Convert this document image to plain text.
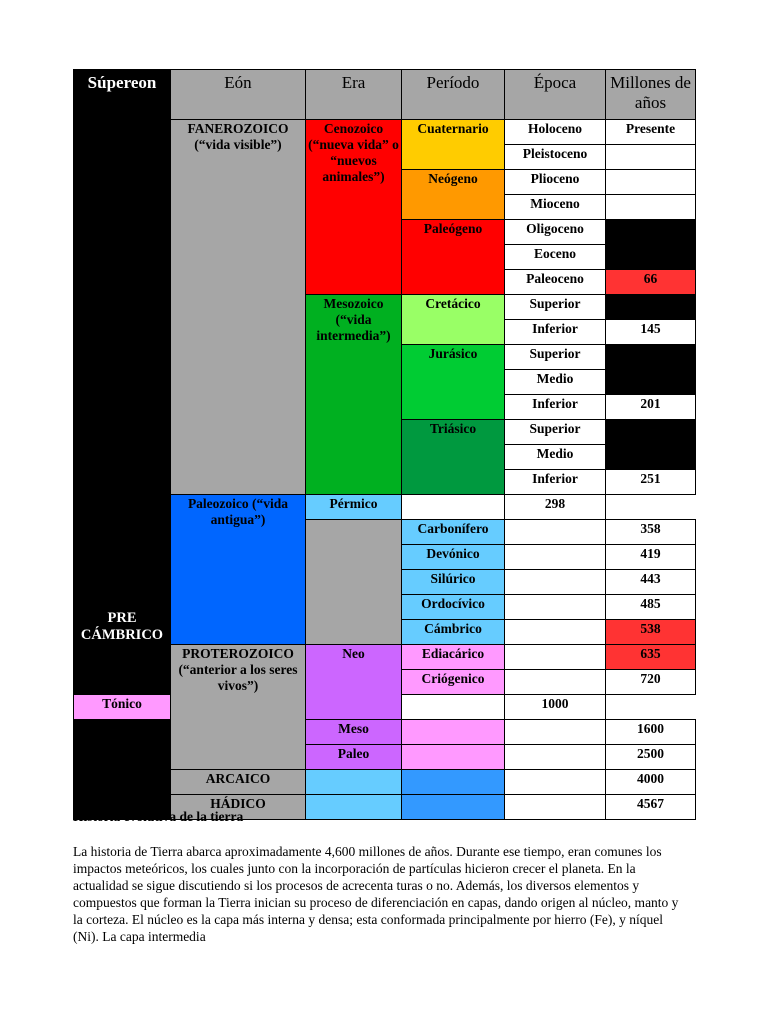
Súpereon	Eón	Era	Período	Época	Millones de años

PRE CÁMBRICO	FANEROZOICO (“vida visible”)	Cenozoico (“nueva vida” o “nuevos animales”)	Cuaternario	Holoceno	Presente
				Pleistoceno	
			Neógeno	Plioceno	
				Mioceno	
			Paleógeno	Oligoceno	
				Eoceno	
				Paleoceno	66
		Mesozoico (“vida intermedia”)	Cretácico	Superior	
				Inferior	145
			Jurásico	Superior	
				Medio	
				Inferior	201
			Triásico	Superior	
				Medio	
				Inferior	251
	Paleozoico (“vida antigua”)	Pérmico		298	
			Carbonífero		358
			Devónico		419
			Silúrico		443
			Ordocívico		485
			Cámbrico		538
	PROTEROZOICO (“anterior a los seres vivos”)	Neo	Ediacárico		635
			Criógenico		720
Tónico				1000	
		Meso			1600
		Paleo			2500
	ARCAICO				4000
	HÁDICO				4567
Historia evolutiva de la tierra

La historia de Tierra abarca aproximadamente 4,600 millones de años. Durante ese tiempo, eran comunes los impactos meteóricos, los cuales junto con la incorporación de partículas hicieron crecer el planeta. En la actualidad se sigue discutiendo si los procesos de acrecenta turas o no. Además, los diversos elementos y compuestos que forman la Tierra inician su proceso de diferenciación en capas, dando origen al núcleo, manto y la corteza. El núcleo es la capa más interna y densa; esta conformada principalmente por hierro (Fe), y níquel (Ni). La capa intermedia
